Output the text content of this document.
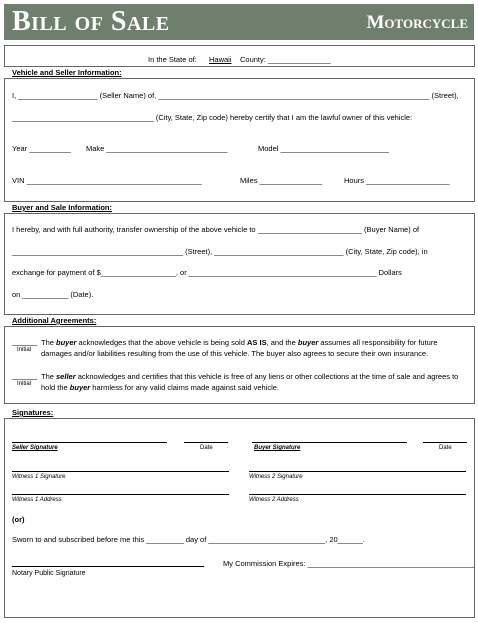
Bill of Sale	Motorcycle
In the State of:	Hawaii	County: _______________
Vehicle and Seller Information:
I, ___________________ (Seller Name) of, _________________________________________________________________ (Street),
__________________________________ (City, State, Zip code) hereby certify that I am the lawful owner of this vehicle:
Year __________ Make _____________________________	Model __________________________
VIN __________________________________________	Miles _______________	Hours ____________________
Buyer and Sale Information:
I hereby, and with full authority, transfer ownership of the above vehicle to _________________________ (Buyer Name) of
_________________________________________ (Street), _______________________________ (City, State, Zip code), in
exchange for payment of $__________________, or _____________________________________________ Dollars
on ___________ (Date).
Additional Agreements:
______
Initial
The buyer acknowledges that the above vehicle is being sold AS IS, and the buyer assumes all responsibility for future damages and/or liabilities resulting from the use of this vehicle. The buyer also agrees to secure their own insurance.
______
Initial
The seller acknowledges and certifies that this vehicle is free of any liens or other collections at the time of sale and agrees to hold the buyer harmless for any valid claims made against said vehicle.
Signatures:
Seller Signature	Date	Buyer Signature	Date
Witness 1 Signature	Witness 2 Signature
Witness 1 Address	Witness 2 Address
(or)
Sworn to and subscribed before me this _________ day of ____________________________, 20______.
My Commission Expires: ________________________________________
Notary Public Signature
